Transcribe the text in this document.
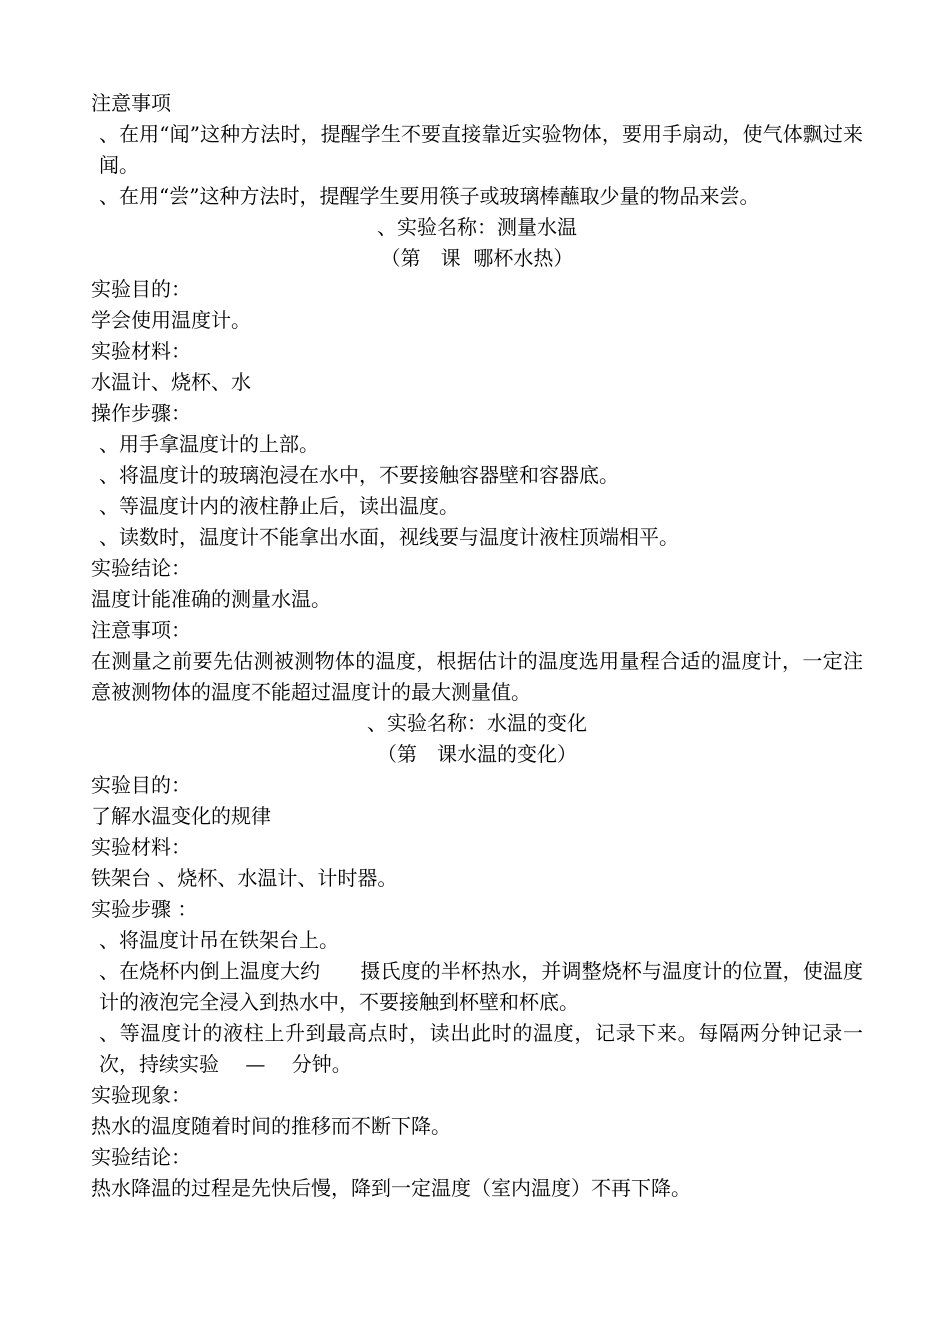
注意事项
、在用“闻”这种方法时，提醒学生不要直接靠近实验物体，要用手扇动，使气体飘过来闻。
、在用“尝”这种方法时，提醒学生要用筷子或玻璃棒蘸取少量的物品来尝。
、实验名称：测量水温
（第　课  哪杯水热）
实验目的：
学会使用温度计。
实验材料：
水温计、烧杯、水
操作步骤：
、用手拿温度计的上部。
、将温度计的玻璃泡浸在水中，不要接触容器壁和容器底。
、等温度计内的液柱静止后，读出温度。
、读数时，温度计不能拿出水面，视线要与温度计液柱顶端相平。
实验结论：
温度计能准确的测量水温。
注意事项：
在测量之前要先估测被测物体的温度，根据估计的温度选用量程合适的温度计，一定注意被测物体的温度不能超过温度计的最大测量值。
、实验名称：水温的变化
（第　课水温的变化）
实验目的：
了解水温变化的规律
实验材料：
铁架台 、烧杯、水温计、计时器。
实验步骤 ：
、将温度计吊在铁架台上。
、在烧杯内倒上温度大约　　摄氏度的半杯热水，并调整烧杯与温度计的位置，使温度计的液泡完全浸入到热水中，不要接触到杯壁和杯底。
、等温度计的液柱上升到最高点时，读出此时的温度，记录下来。每隔两分钟记录一次，持续实验　 —　 分钟。
实验现象：
热水的温度随着时间的推移而不断下降。
实验结论：
热水降温的过程是先快后慢，降到一定温度（室内温度）不再下降。
